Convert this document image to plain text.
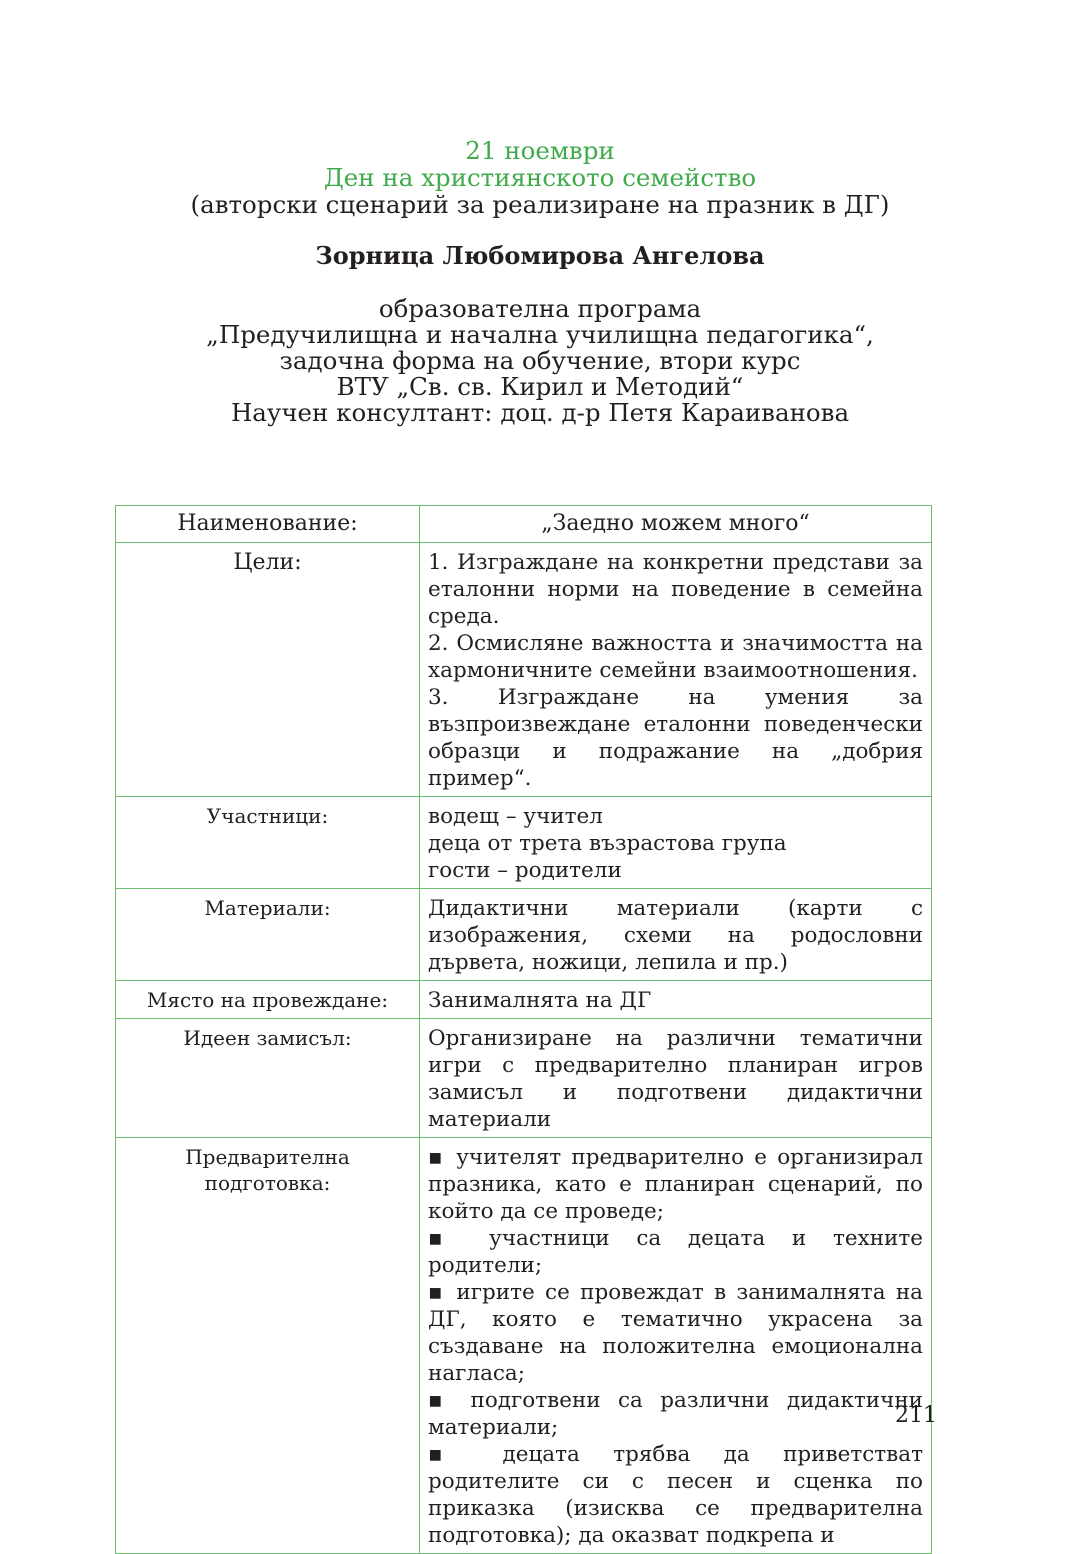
21 ноември
Ден на християнското семейство
(авторски сценарий за реализиране на празник в ДГ)
Зорница Любомирова Ангелова
образователна програма
„Предучилищна и начална училищна педагогика“,
задочна форма на обучение, втори курс
ВТУ „Св. св. Кирил и Методий“
Научен консултант: доц. д-р Петя Караиванова
Наименование:	„Заедно можем много“
Цели:	1. Изграждане на конкретни представи за еталонни норми на поведение в семейна среда.
2. Осмисляне важността и значимостта на хармоничните семейни взаимоотношения.
3. Изграждане на умения за възпроизвеждане еталонни поведенчески образци и подражание на „добрия пример“.

Участници:	водещ – учител
деца от трета възрастова група
гости – родители

Материали:	Дидактични материали (карти с изображения, схеми на родословни дървета, ножици, лепила и пр.)

Място на провеждане:	Занималнята на ДГ

Идеен замисъл:	Организиране на различни тематични игри с предварително планиран игров замисъл и подготвени дидактични материали

Предварителна подготовка:	▪ учителят предварително е организирал празника, като е планиран сценарий, по който да се проведе;
▪ участници са децата и техните родители;
▪ игрите се провеждат в занималнята на ДГ, която е тематично украсена за създаване на положителна емоционална нагласа;
▪ подготвени са различни дидактични материали;
▪ децата трябва да приветстват родителите си с песен и сценка по приказка (изисква се предварителна подготовка); да оказват подкрепа и
211
